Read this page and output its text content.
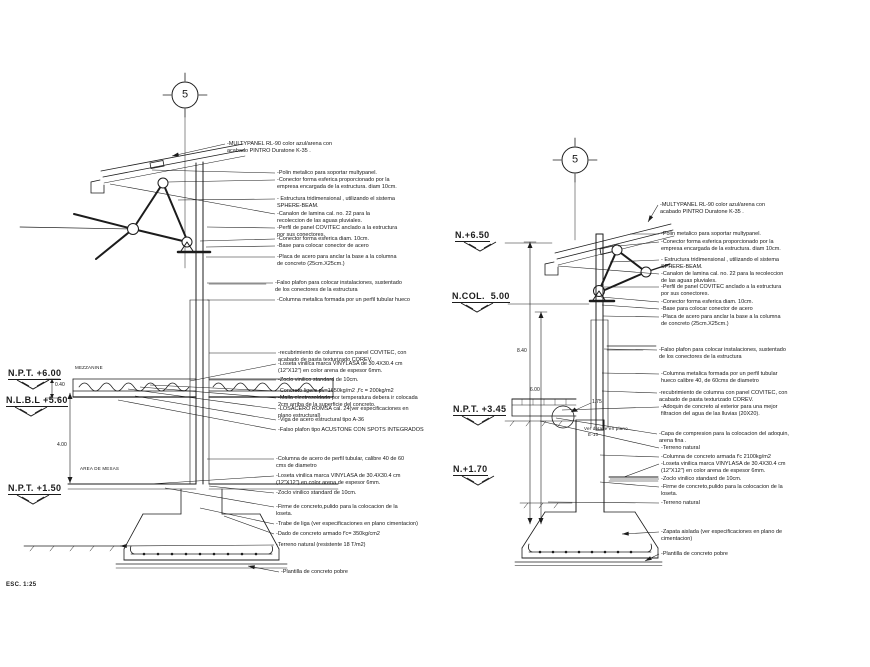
-MULTYPANEL RL-90 color azul/arena con acabado PINTRO Duratone K-35 .
-Polin metalico para soportar multypanel.
-Conector forma esferica proporcionado por la empresa encargada de la estructura. diam 10cm.
- Estructura tridimensional , utilizando el sistema SPHERE-BEAM.
-Canalon de lamina cal. no. 22 para la recoleccion de las aguas pluviales.
-Perfil de panel COVITEC anclado a la estructura por sus conectores.
-Conector forma esferica diam. 10cm.
-Base para colocar conector de acero
-Placa de acero para anclar la base a la columna de concreto (25cm.X25cm.)
-Falso plafon para colocar instalaciones, sustentado de los conectores de la estructura
-Columna metalica formada por un perfil tubular hueco
-recubrimiento de columna con panel COVITEC, con acabado de pasta texturizado COREV.
-Loseta vinilica marca VINYLASA de 30.4X30.4 cm (12"X12") en color arena de espesor 6mm.
-Zoclo vinilico standard de 10cm.
-Concreto ligero pv=1650kg/m2 ,f'c = 200kg/m2
-Malla electrosoldada por temperatura debera ir colocada 2cm arriba de la superficie del concreto.
-LOSACERO ROMSA cal. 24(ver especificaciones en plano estructural)
-Viga de acero estructural tipo A-36
-Falso plafon tipo ACUSTONE CON SPOTS INTEGRADOS
-Columna de acero de perfil tubular, calibre 40 de 60 cms de diametro
-Loseta vinilica marca VINYLASA de 30.4X30.4 cm (12"X12") en color arena de espesor 6mm.
-Zoclo vinilico standard de 10cm.
-Firme de concreto,pulido para la colocacion de la loseta.
-Trabe de liga (ver especificaciones en plano cimentacion)
-Dado de concreto armado f'c= 350kg/cm2
-Terreno natural (resistente 18 T/m2)
-Plantilla de concreto pobre
4.00
0.40
MEZZANINE
AREA DE MESAS
N.P.T. +6.00
N.L.B.L +5.60
N.P.T. +1.50
5
-MULTYPANEL RL-90 color azul/arena con acabado PINTRO Duratone K-35 .
-Polin metalico para soportar multypanel.
-Conector forma esferica proporcionado por la empresa encargada de la estructura. diam 10cm.
- Estructura tridimensional , utilizando el sistema SPHERE-BEAM.
-Canalon de lamina cal. no. 22 para la recoleccion de las aguas pluviales.
-Perfil de panel COVITEC anclado a la estructura por sus conectores.
-Conector forma esferica diam. 10cm.
-Base para colocar conector de acero
-Placa de acero para anclar la base a la columna de concreto (25cm.X25cm.)
-Falso plafon para colocar instalaciones, sustentado de los conectores de la estructura
-Columna metalica formada por un perfil tubular hueco calibre 40, de 60cms de diametro
-recubrimiento de columna con panel COVITEC, con acabado de pasta texturizado COREV.
-Adoquin de concreto al exterior para una mejor filtracion del agua de las lluvias (20X20).
-Capa de compresion para la colocacion del adoquin, arena fina .
-Terreno natural
-Columna de concreto armada f'c 2100kg/m2
-Loseta vinilica marca VINYLASA de 30.4X30.4 cm (12"X12") en color arena de espesor 6mm.
-Zoclo vinilico standard de 10cm.
-Firme de concreto,pulido para la colocacion de la loseta.
-Terreno natural
-Zapata aislada (ver especificaciones en plano de cimentacion)
-Plantilla de concreto pobre
8.40
6.00
1.75
Ver detalle en plano
E-10
N.+6.50
N.COL.  5.00
N.P.T. +3.45
N.+1.70
5
ESC. 1:25
